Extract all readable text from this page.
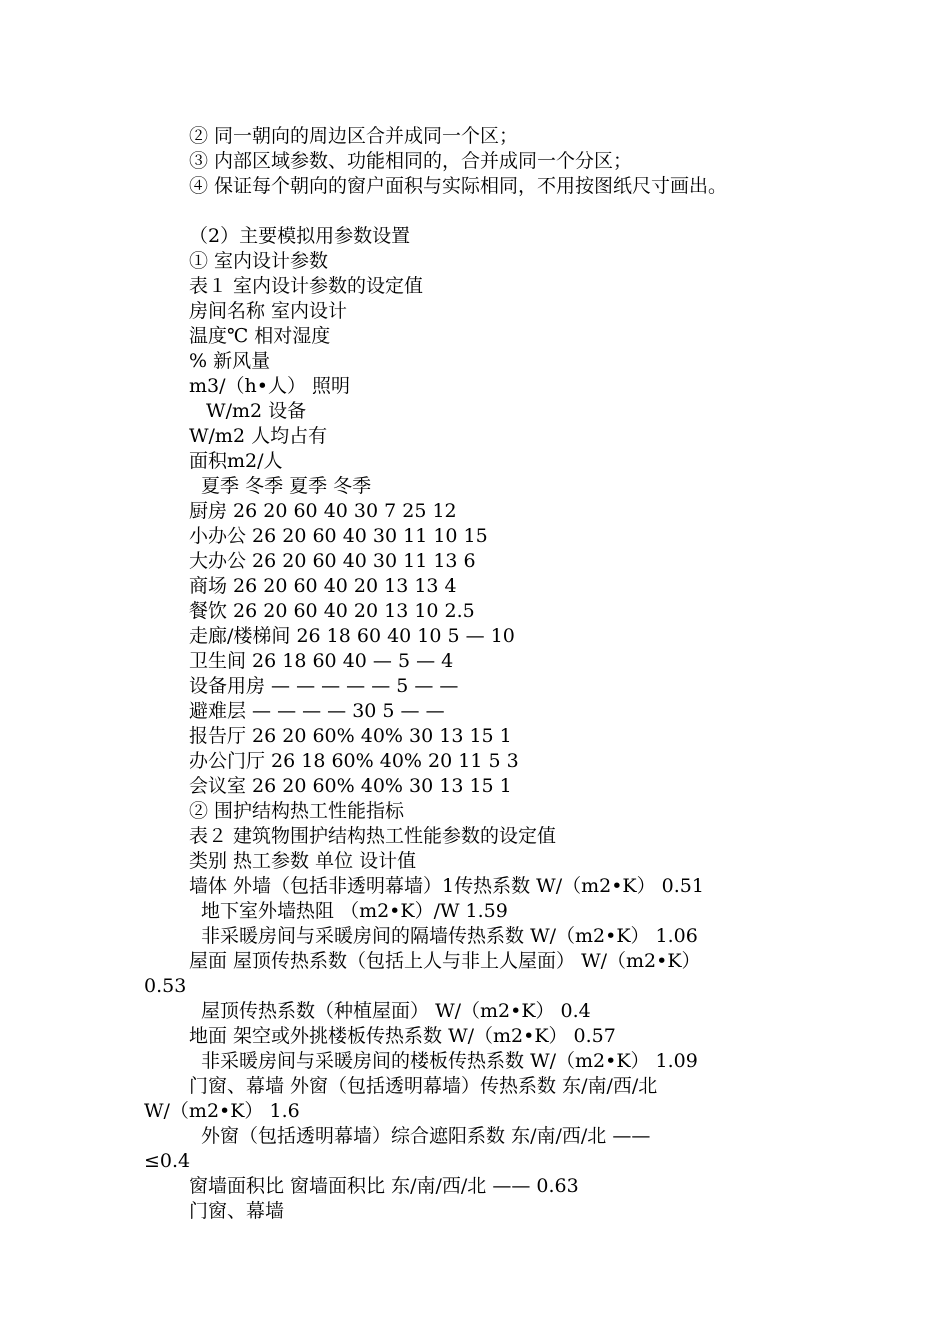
② 同一朝向的周边区合并成同一个区；
③ 内部区域参数、功能相同的，合并成同一个分区；
④ 保证每个朝向的窗户面积与实际相同，不用按图纸尺寸画出。
（2）主要模拟用参数设置
① 室内设计参数
表１ 室内设计参数的设定值
房间名称 室内设计
温度℃ 相对湿度
% 新风量
m3/（h•人） 照明
W/m2 设备
W/m2 人均占有
面积m2/人
夏季 冬季 夏季 冬季
厨房 26 20 60 40 30 7 25 12
小办公 26 20 60 40 30 11 10 15
大办公 26 20 60 40 30 11 13 6
商场 26 20 60 40 20 13 13 4
餐饮 26 20 60 40 20 13 10 2.5
走廊/楼梯间 26 18 60 40 10 5 — 10
卫生间 26 18 60 40 — 5 — 4
设备用房 — — — — — 5 — —
避难层 — — — — 30 5 — —
报告厅 26 20 60% 40% 30 13 15 1
办公门厅 26 18 60% 40% 20 11 5 3
会议室 26 20 60% 40% 30 13 15 1
② 围护结构热工性能指标
表２ 建筑物围护结构热工性能参数的设定值
类别 热工参数 单位 设计值
墙体 外墙（包括非透明幕墙）1传热系数 W/（m2•K） 0.51
地下室外墙热阻 （m2•K）/W 1.59
非采暖房间与采暖房间的隔墙传热系数 W/（m2•K） 1.06
屋面 屋顶传热系数（包括上人与非上人屋面） W/（m2•K）
0.53
屋顶传热系数（种植屋面） W/（m2•K） 0.4
地面 架空或外挑楼板传热系数 W/（m2•K） 0.57
非采暖房间与采暖房间的楼板传热系数 W/（m2•K） 1.09
门窗、幕墙 外窗（包括透明幕墙）传热系数 东/南/西/北
W/（m2•K） 1.6
外窗（包括透明幕墙）综合遮阳系数 东/南/西/北 ——
≤0.4
窗墙面积比 窗墙面积比 东/南/西/北 —— 0.63
门窗、幕墙
